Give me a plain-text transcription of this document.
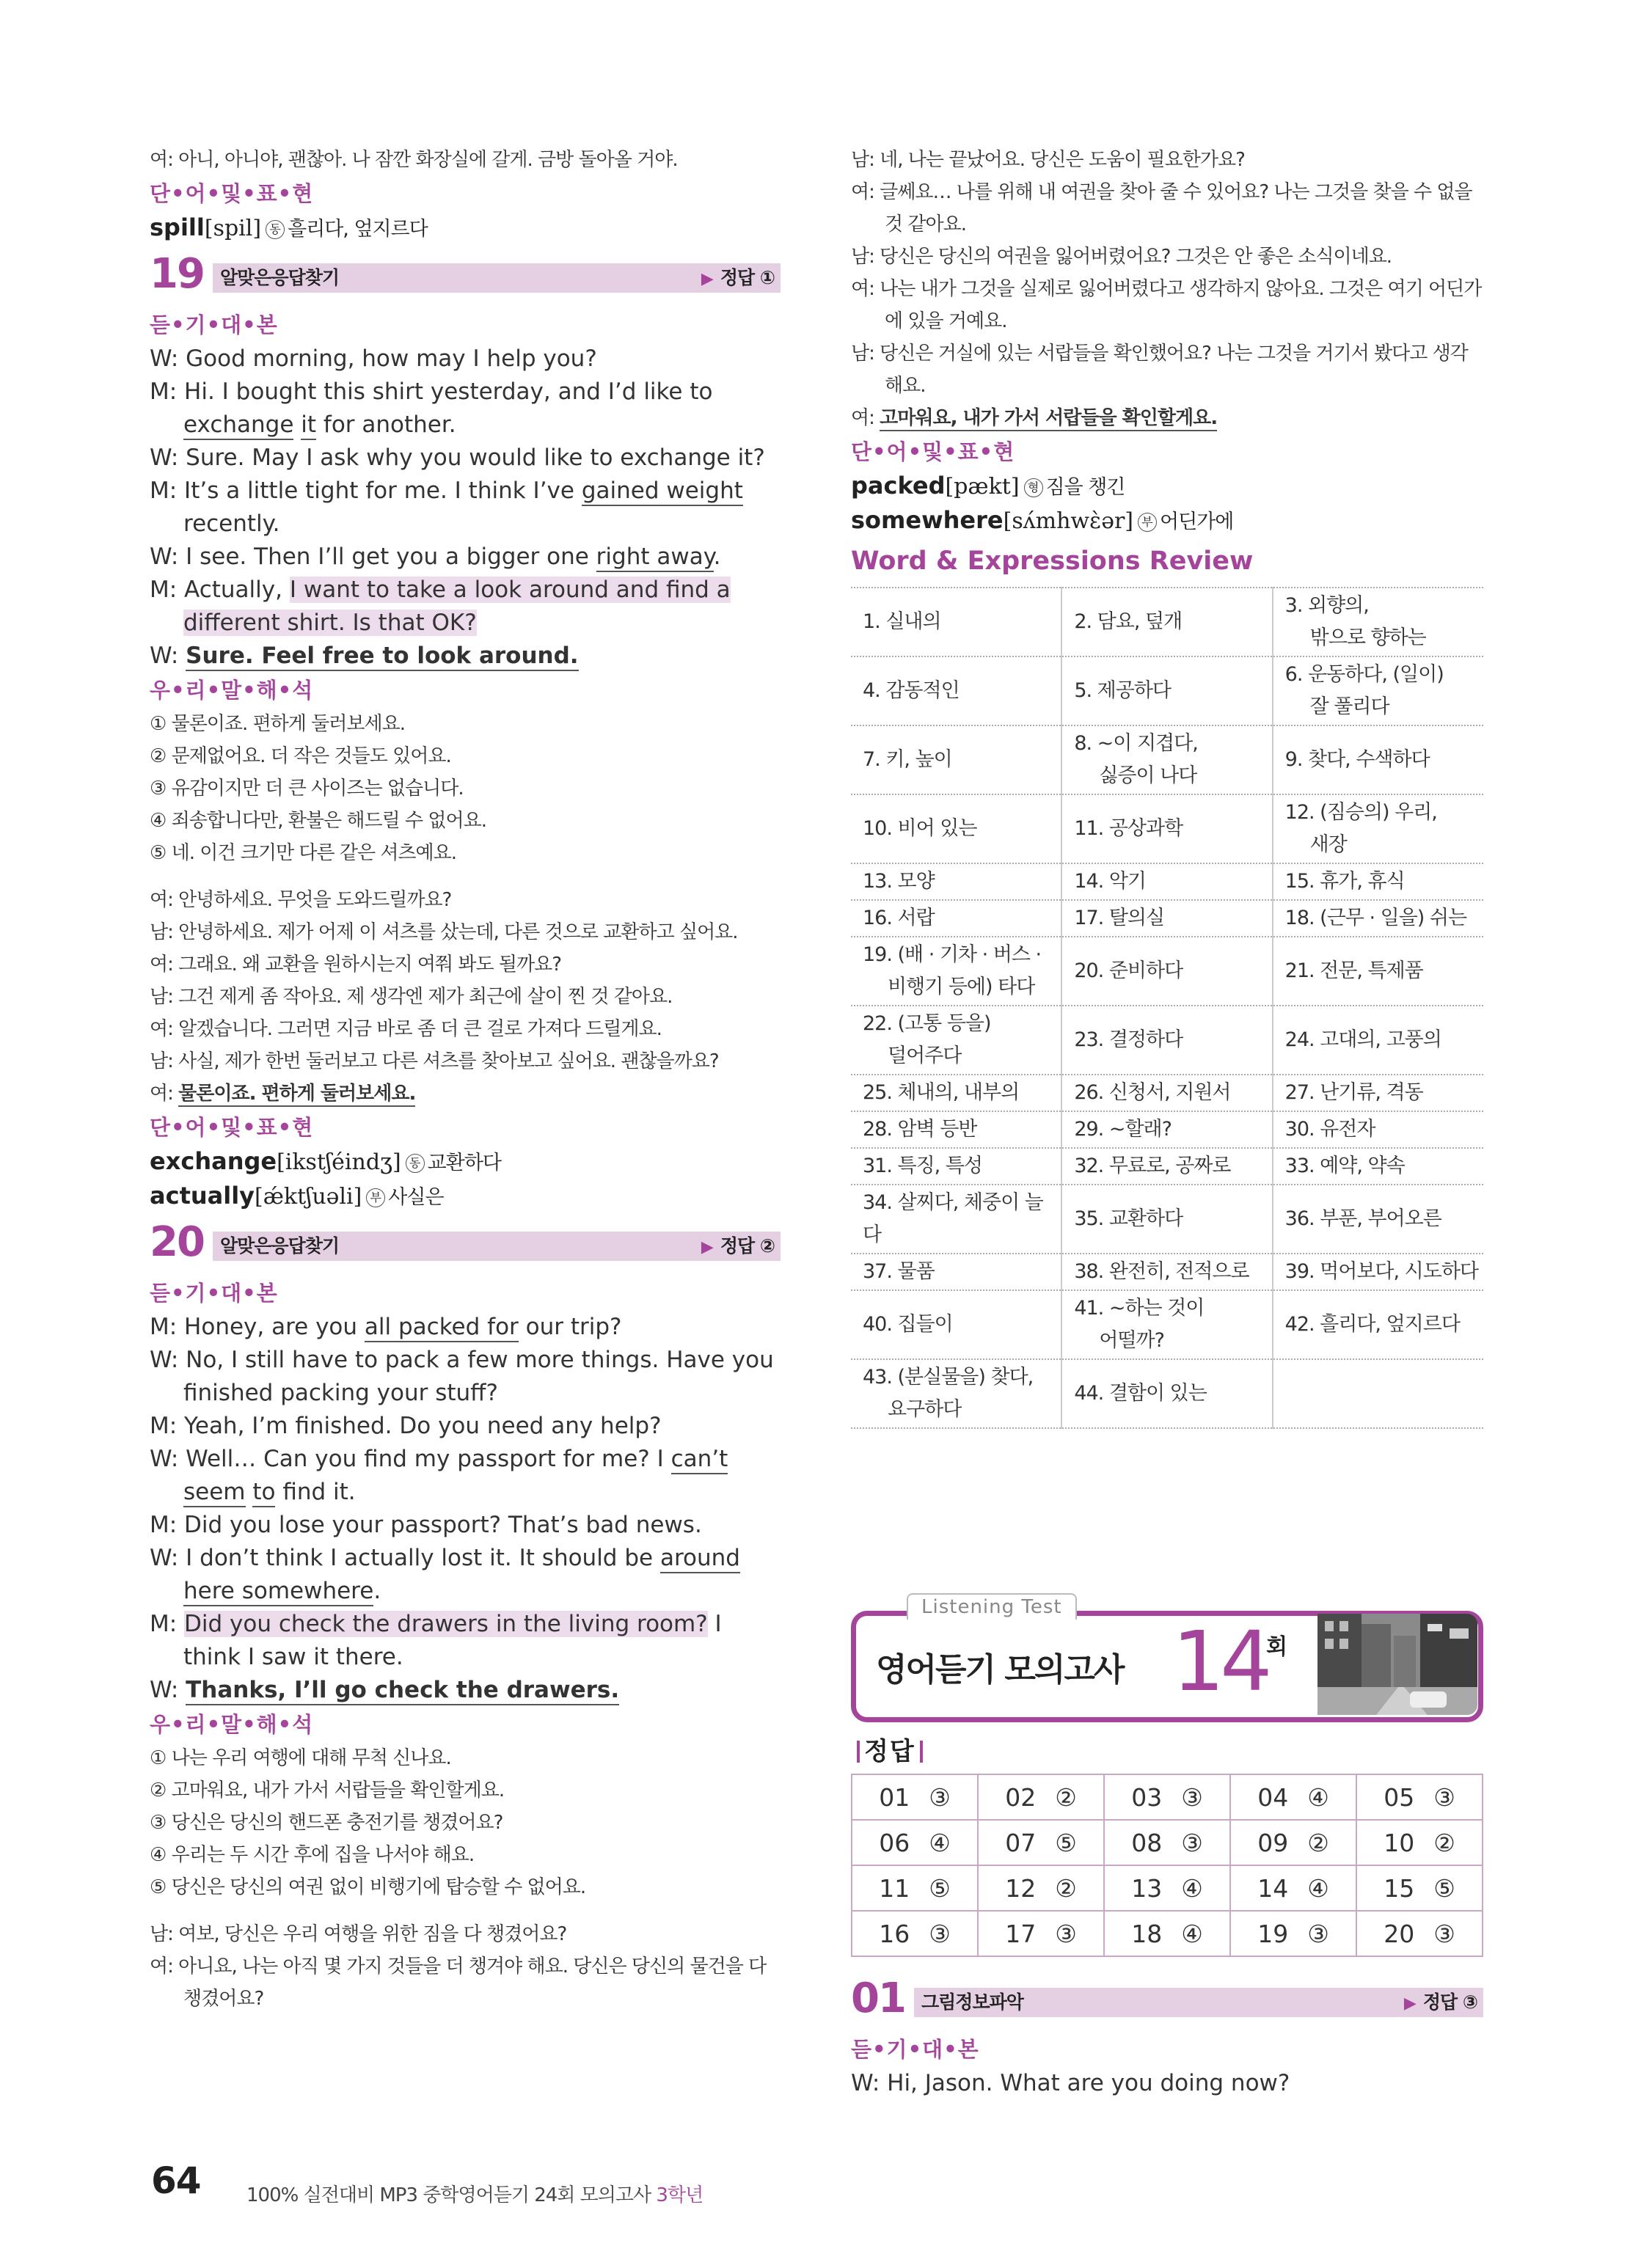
여: 아니, 아니야, 괜찮아. 나 잠깐 화장실에 갈게. 금방 돌아올 거야.
단•어•및•표•현
spill[spil] 동 흘리다, 엎지르다
19 알맞은응답찾기	▶ 정답 ①
듣•기•대•본
W: Good morning, how may I help you?
M: Hi. I bought this shirt yesterday, and I’d like to exchange it for another.
W: Sure. May I ask why you would like to exchange it?
M: It’s a little tight for me. I think I’ve gained weight recently.
W: I see. Then I’ll get you a bigger one right away.
M: Actually, I want to take a look around and find a different shirt. Is that OK?
W: Sure. Feel free to look around.
우•리•말•해•석
① 물론이죠. 편하게 둘러보세요.
② 문제없어요. 더 작은 것들도 있어요.
③ 유감이지만 더 큰 사이즈는 없습니다.
④ 죄송합니다만, 환불은 해드릴 수 없어요.
⑤ 네. 이건 크기만 다른 같은 셔츠예요.
여: 안녕하세요. 무엇을 도와드릴까요?
남: 안녕하세요. 제가 어제 이 셔츠를 샀는데, 다른 것으로 교환하고 싶어요.
여: 그래요. 왜 교환을 원하시는지 여쭤 봐도 될까요?
남: 그건 제게 좀 작아요. 제 생각엔 제가 최근에 살이 찐 것 같아요.
여: 알겠습니다. 그러면 지금 바로 좀 더 큰 걸로 가져다 드릴게요.
남: 사실, 제가 한번 둘러보고 다른 셔츠를 찾아보고 싶어요. 괜찮을까요?
여: 물론이죠. 편하게 둘러보세요.
단•어•및•표•현
exchange[ikstʃéindʒ] 동 교환하다
actually[ǽktʃuəli] 부 사실은
20 알맞은응답찾기	▶ 정답 ②
듣•기•대•본
M: Honey, are you all packed for our trip?
W: No, I still have to pack a few more things. Have you finished packing your stuff?
M: Yeah, I’m finished. Do you need any help?
W: Well… Can you find my passport for me? I can’t seem to find it.
M: Did you lose your passport? That’s bad news.
W: I don’t think I actually lost it. It should be around here somewhere.
M: Did you check the drawers in the living room? I think I saw it there.
W: Thanks, I’ll go check the drawers.
우•리•말•해•석
① 나는 우리 여행에 대해 무척 신나요.
② 고마워요, 내가 가서 서랍들을 확인할게요.
③ 당신은 당신의 핸드폰 충전기를 챙겼어요?
④ 우리는 두 시간 후에 집을 나서야 해요.
⑤ 당신은 당신의 여권 없이 비행기에 탑승할 수 없어요.
남: 여보, 당신은 우리 여행을 위한 짐을 다 챙겼어요?
여: 아니요, 나는 아직 몇 가지 것들을 더 챙겨야 해요. 당신은 당신의 물건을 다 챙겼어요?
남: 네, 나는 끝났어요. 당신은 도움이 필요한가요?
여: 글쎄요… 나를 위해 내 여권을 찾아 줄 수 있어요? 나는 그것을 찾을 수 없을 것 같아요.
남: 당신은 당신의 여권을 잃어버렸어요? 그것은 안 좋은 소식이네요.
여: 나는 내가 그것을 실제로 잃어버렸다고 생각하지 않아요. 그것은 여기 어딘가에 있을 거예요.
남: 당신은 거실에 있는 서랍들을 확인했어요? 나는 그것을 거기서 봤다고 생각해요.
여: 고마워요, 내가 가서 서랍들을 확인할게요.
단•어•및•표•현
packed[pækt] 형 짐을 챙긴
somewhere[sʌ́mhwὲər] 부 어딘가에
Word & Expressions Review
1. 실내의	2. 담요, 덮개	3. 외향의,
밖으로 향하는

4. 감동적인	5. 제공하다	6. 운동하다, (일이)
잘 풀리다

7. 키, 높이	8. ~이 지겹다,
싫증이 나다	9. 찾다, 수색하다
10. 비어 있는	11. 공상과학	12. (짐승의) 우리,
새장

13. 모양	14. 악기	15. 휴가, 휴식
16. 서랍	17. 탈의실	18. (근무 · 일을) 쉬는
19. (배 · 기차 · 버스 ·
비행기 등에) 타다	20. 준비하다	21. 전문, 특제품
22. (고통 등을)
덜어주다	23. 결정하다	24. 고대의, 고풍의
25. 체내의, 내부의	26. 신청서, 지원서	27. 난기류, 격동
28. 암벽 등반	29. ~할래?	30. 유전자
31. 특징, 특성	32. 무료로, 공짜로	33. 예약, 약속
34. 살찌다, 체중이 늘다	35. 교환하다	36. 부푼, 부어오른
37. 물품	38. 완전히, 전적으로	39. 먹어보다, 시도하다
40. 집들이	41. ~하는 것이
어떨까?	42. 흘리다, 엎지르다
43. (분실물을) 찾다,
요구하다	44. 결함이 있는	
Listening Test
영어듣기 모의고사 14
회
정답
01 ③	02 ②	03 ③	04 ④	05 ③
06 ④	07 ⑤	08 ③	09 ②	10 ②
11 ⑤	12 ②	13 ④	14 ④	15 ⑤
16 ③	17 ③	18 ④	19 ③	20 ③
01 그림정보파악	▶ 정답 ③
듣•기•대•본
W: Hi, Jason. What are you doing now?
64 100% 실전대비 MP3 중학영어듣기 24회 모의고사 3학년
